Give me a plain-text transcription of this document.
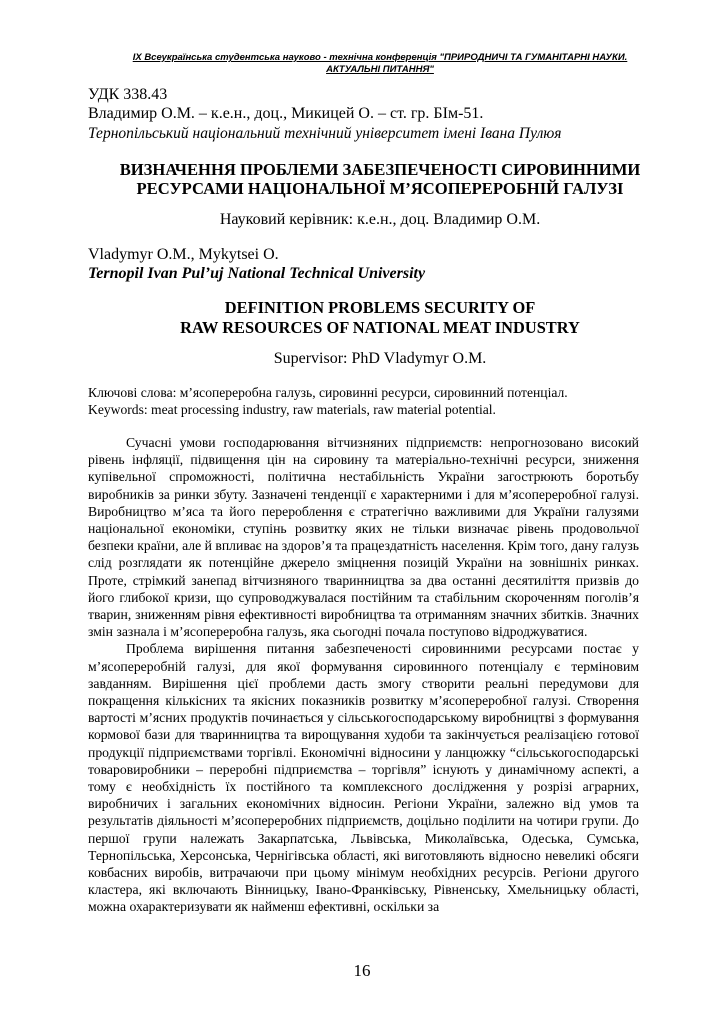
IX Всеукраїнська студентська науково - технічна конференція "ПРИРОДНИЧІ ТА ГУМАНІТАРНІ НАУКИ.
АКТУАЛЬНІ ПИТАННЯ"
УДК 338.43
Владимир О.М. – к.е.н., доц., Микицей О. – ст. гр. БІм-51.
Тернопільський національний технічний університет імені Івана Пулюя
ВИЗНАЧЕННЯ ПРОБЛЕМИ ЗАБЕЗПЕЧЕНОСТІ СИРОВИННИМИ
РЕСУРСАМИ НАЦІОНАЛЬНОЇ М’ЯСОПЕРЕРОБНІЙ ГАЛУЗІ
Науковий керівник: к.е.н., доц. Владимир О.М.
Vladymyr O.M., Mykytsei O.
Ternopil Ivan Pul’uj National Technical University
DEFINITION PROBLEMS SECURITY OF
RAW RESOURCES OF NATIONAL MEAT INDUSTRY
Supervisor: PhD Vladymyr O.M.
Ключові слова: м’ясопереробна галузь, сировинні ресурси, сировинний потенціал.
Keywords: meat processing industry, raw materials, raw material potential.

Сучасні умови господарювання вітчизняних підприємств: непрогнозовано високий рівень інфляції, підвищення цін на сировину та матеріально-технічні ресурси, зниження купівельної спроможності, політична нестабільність України загострюють боротьбу виробників за ринки збуту. Зазначені тенденції є характерними і для м’ясопереробної галузі. Виробництво м’яса та його перероблення є стратегічно важливими для України галузями національної економіки, ступінь розвитку яких не тільки визначає рівень продовольчої безпеки країни, але й впливає на здоров’я та працездатність населення. Крім того, дану галузь слід розглядати як потенційне джерело зміцнення позицій України на зовнішніх ринках. Проте, стрімкий занепад вітчизняного тваринництва за два останні десятиліття призвів до його глибокої кризи, що супроводжувалася постійним та стабільним скороченням поголів’я тварин, зниженням рівня ефективності виробництва та отриманням значних збитків. Значних змін зазнала і м’ясопереробна галузь, яка сьогодні почала поступово відроджуватися.

Проблема вирішення питання забезпеченості сировинними ресурсами постає у м’ясопереробній галузі, для якої формування сировинного потенціалу є терміновим завданням. Вирішення цієї проблеми дасть змогу створити реальні передумови для покращення кількісних та якісних показників розвитку м’ясопереробної галузі. Створення вартості м’ясних продуктів починається у сільськогосподарському виробництві з формування кормової бази для тваринництва та вирощування худоби та закінчується реалізацією готової продукції підприємствами торгівлі. Економічні відносини у ланцюжку “сільськогосподарські товаровиробники – переробні підприємства – торгівля” існують у динамічному аспекті, а тому є необхідність їх постійного та комплексного дослідження у розрізі аграрних, виробничих і загальних економічних відносин. Регіони України, залежно від умов та результатів діяльності м’ясопереробних підприємств, доцільно поділити на чотири групи. До першої групи належать Закарпатська, Львівська, Миколаївська, Одеська, Сумська, Тернопільська, Херсонська, Чернігівська області, які виготовляють відносно невеликі обсяги ковбасних виробів, витрачаючи при цьому мінімум необхідних ресурсів. Регіони другого кластера, які включають Вінницьку, Івано-Франківську, Рівненську, Хмельницьку області, можна охарактеризувати як найменш ефективні, оскільки за

16
